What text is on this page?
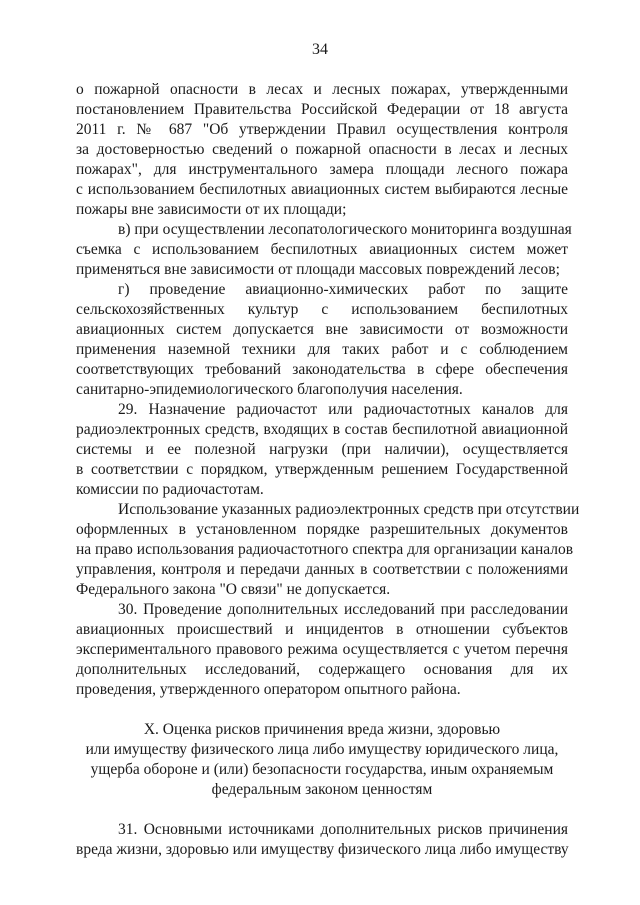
34
о пожарной опасности в лесах и лесных пожарах, утвержденными
постановлением Правительства Российской Федерации от 18 августа
2011 г. № 687 "Об утверждении Правил осуществления контроля
за достоверностью сведений о пожарной опасности в лесах и лесных
пожарах", для инструментального замера площади лесного пожара
с использованием беспилотных авиационных систем выбираются лесные
пожары вне зависимости от их площади;
в) при осуществлении лесопатологического мониторинга воздушная
съемка с использованием беспилотных авиационных систем может
применяться вне зависимости от площади массовых повреждений лесов;
г) проведение авиационно-химических работ по защите
сельскохозяйственных культур с использованием беспилотных
авиационных систем допускается вне зависимости от возможности
применения наземной техники для таких работ и с соблюдением
соответствующих требований законодательства в сфере обеспечения
санитарно-эпидемиологического благополучия населения.
29. Назначение радиочастот или радиочастотных каналов для
радиоэлектронных средств, входящих в состав беспилотной авиационной
системы и ее полезной нагрузки (при наличии), осуществляется
в соответствии с порядком, утвержденным решением Государственной
комиссии по радиочастотам.
Использование указанных радиоэлектронных средств при отсутствии
оформленных в установленном порядке разрешительных документов
на право использования радиочастотного спектра для организации каналов
управления, контроля и передачи данных в соответствии с положениями
Федерального закона "О связи" не допускается.
30. Проведение дополнительных исследований при расследовании
авиационных происшествий и инцидентов в отношении субъектов
экспериментального правового режима осуществляется с учетом перечня
дополнительных исследований, содержащего основания для их
проведения, утвержденного оператором опытного района.
X. Оценка рисков причинения вреда жизни, здоровью
или имуществу физического лица либо имуществу юридического лица,
ущерба обороне и (или) безопасности государства, иным охраняемым
федеральным законом ценностям
31. Основными источниками дополнительных рисков причинения
вреда жизни, здоровью или имуществу физического лица либо имуществу
